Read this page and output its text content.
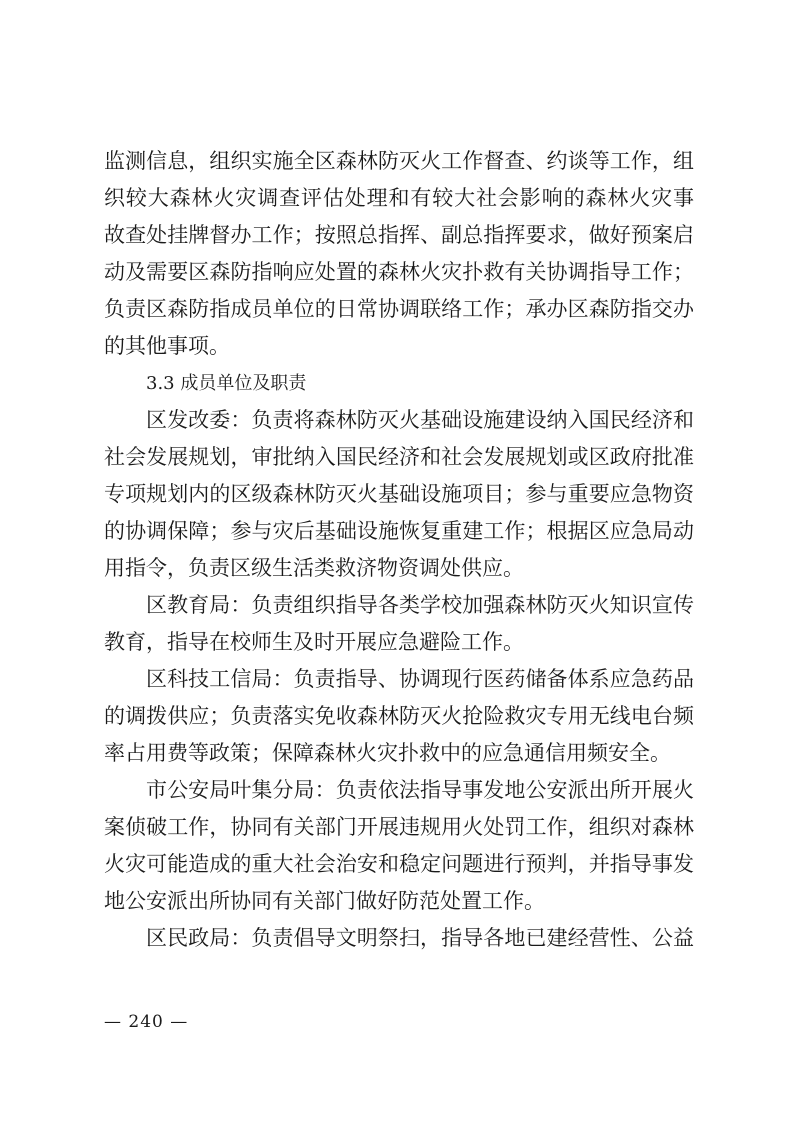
监测信息，组织实施全区森林防灭火工作督查、约谈等工作，组
织较大森林火灾调查评估处理和有较大社会影响的森林火灾事
故查处挂牌督办工作；按照总指挥、副总指挥要求，做好预案启
动及需要区森防指响应处置的森林火灾扑救有关协调指导工作；
负责区森防指成员单位的日常协调联络工作；承办区森防指交办
的其他事项。
3.3 成员单位及职责
区发改委：负责将森林防灭火基础设施建设纳入国民经济和
社会发展规划，审批纳入国民经济和社会发展规划或区政府批准
专项规划内的区级森林防灭火基础设施项目；参与重要应急物资
的协调保障；参与灾后基础设施恢复重建工作；根据区应急局动
用指令，负责区级生活类救济物资调处供应。
区教育局：负责组织指导各类学校加强森林防灭火知识宣传
教育，指导在校师生及时开展应急避险工作。
区科技工信局：负责指导、协调现行医药储备体系应急药品
的调拨供应；负责落实免收森林防灭火抢险救灾专用无线电台频
率占用费等政策；保障森林火灾扑救中的应急通信用频安全。
市公安局叶集分局：负责依法指导事发地公安派出所开展火
案侦破工作，协同有关部门开展违规用火处罚工作，组织对森林
火灾可能造成的重大社会治安和稳定问题进行预判，并指导事发
地公安派出所协同有关部门做好防范处置工作。
区民政局：负责倡导文明祭扫，指导各地已建经营性、公益
— 240 —
